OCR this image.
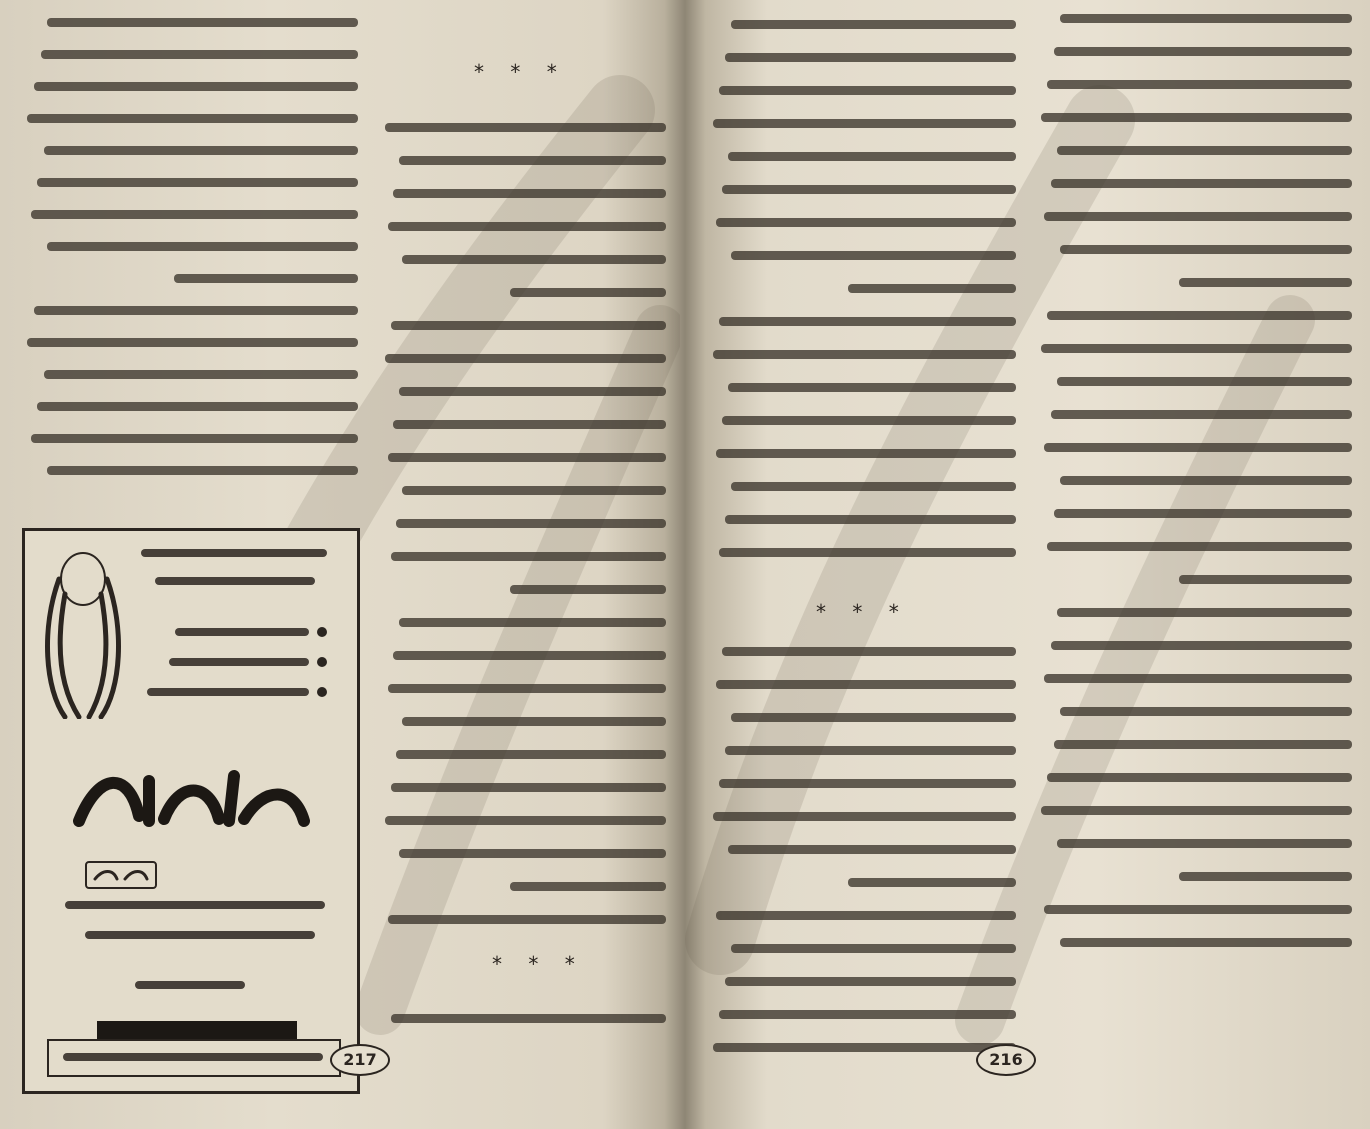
* * *
* * *
217
* * *
216
